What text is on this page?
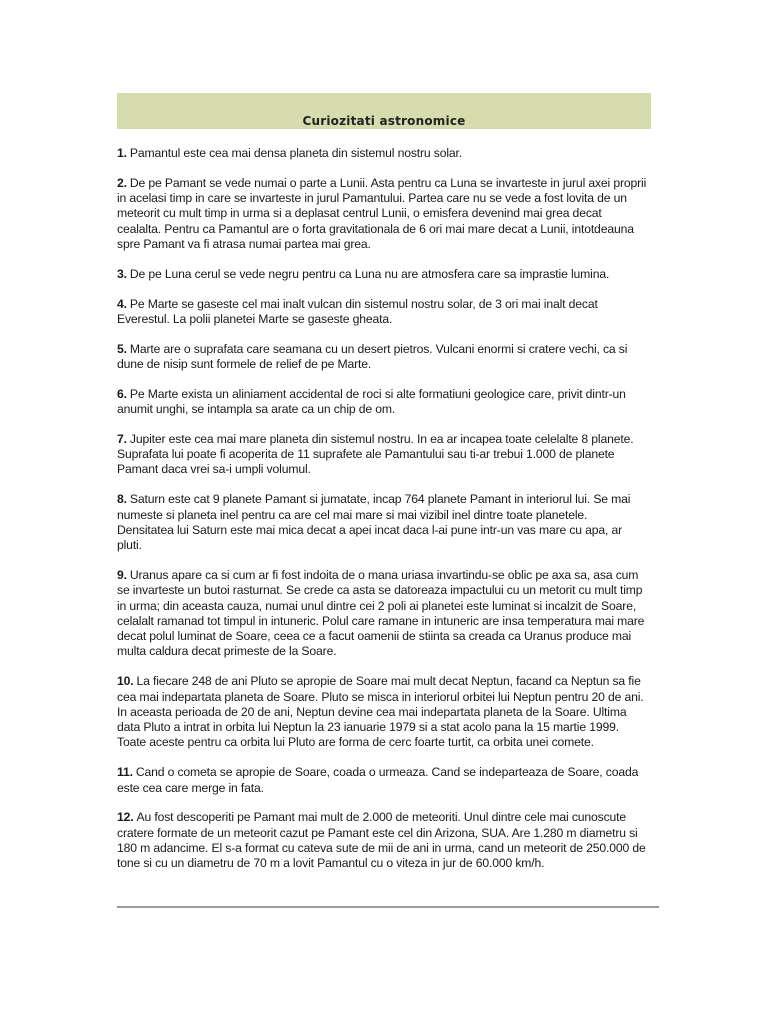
Curiozitati astronomice

1. Pamantul este cea mai densa planeta din sistemul nostru solar.

2. De pe Pamant se vede numai o parte a Lunii. Asta pentru ca Luna se invarteste in jurul axei proprii in acelasi timp in care se invarteste in jurul Pamantului. Partea care nu se vede a fost lovita de un meteorit cu mult timp in urma si a deplasat centrul Lunii, o emisfera devenind mai grea decat cealalta. Pentru ca Pamantul are o forta gravitationala de 6 ori mai mare decat a Lunii, intotdeauna spre Pamant va fi atrasa numai partea mai grea.

3. De pe Luna cerul se vede negru pentru ca Luna nu are atmosfera care sa imprastie lumina.

4. Pe Marte se gaseste cel mai inalt vulcan din sistemul nostru solar, de 3 ori mai inalt decat Everestul. La polii planetei Marte se gaseste gheata.

5. Marte are o suprafata care seamana cu un desert pietros. Vulcani enormi si cratere vechi, ca si dune de nisip sunt formele de relief de pe Marte.

6. Pe Marte exista un aliniament accidental de roci si alte formatiuni geologice care, privit dintr-un anumit unghi, se intampla sa arate ca un chip de om.

7. Jupiter este cea mai mare planeta din sistemul nostru. In ea ar incapea toate celelalte 8 planete. Suprafata lui poate fi acoperita de 11 suprafete ale Pamantului sau ti-ar trebui 1.000 de planete Pamant daca vrei sa-i umpli volumul.

8. Saturn este cat 9 planete Pamant si jumatate, incap 764 planete Pamant in interiorul lui. Se mai numeste si planeta inel pentru ca are cel mai mare si mai vizibil inel dintre toate planetele. Densitatea lui Saturn este mai mica decat a apei incat daca l-ai pune intr-un vas mare cu apa, ar pluti.

9. Uranus apare ca si cum ar fi fost indoita de o mana uriasa invartindu-se oblic pe axa sa, asa cum se invarteste un butoi rasturnat. Se crede ca asta se datoreaza impactului cu un metorit cu mult timp in urma; din aceasta cauza, numai unul dintre cei 2 poli ai planetei este luminat si incalzit de Soare, celalalt ramanad tot timpul in intuneric. Polul care ramane in intuneric are insa temperatura mai mare decat polul luminat de Soare, ceea ce a facut oamenii de stiinta sa creada ca Uranus produce mai multa caldura decat primeste de la Soare.

10. La fiecare 248 de ani Pluto se apropie de Soare mai mult decat Neptun, facand ca Neptun sa fie cea mai indepartata planeta de Soare. Pluto se misca in interiorul orbitei lui Neptun pentru 20 de ani. In aceasta perioada de 20 de ani, Neptun devine cea mai indepartata planeta de la Soare. Ultima data Pluto a intrat in orbita lui Neptun la 23 ianuarie 1979 si a stat acolo pana la 15 martie 1999. Toate aceste pentru ca orbita lui Pluto are forma de cerc foarte turtit, ca orbita unei comete.

11. Cand o cometa se apropie de Soare, coada o urmeaza. Cand se indeparteaza de Soare, coada este cea care merge in fata.

12. Au fost descoperiti pe Pamant mai mult de 2.000 de meteoriti. Unul dintre cele mai cunoscute cratere formate de un meteorit cazut pe Pamant este cel din Arizona, SUA. Are 1.280 m diametru si 180 m adancime. El s-a format cu cateva sute de mii de ani in urma, cand un meteorit de 250.000 de tone si cu un diametru de 70 m a lovit Pamantul cu o viteza in jur de 60.000 km/h.
